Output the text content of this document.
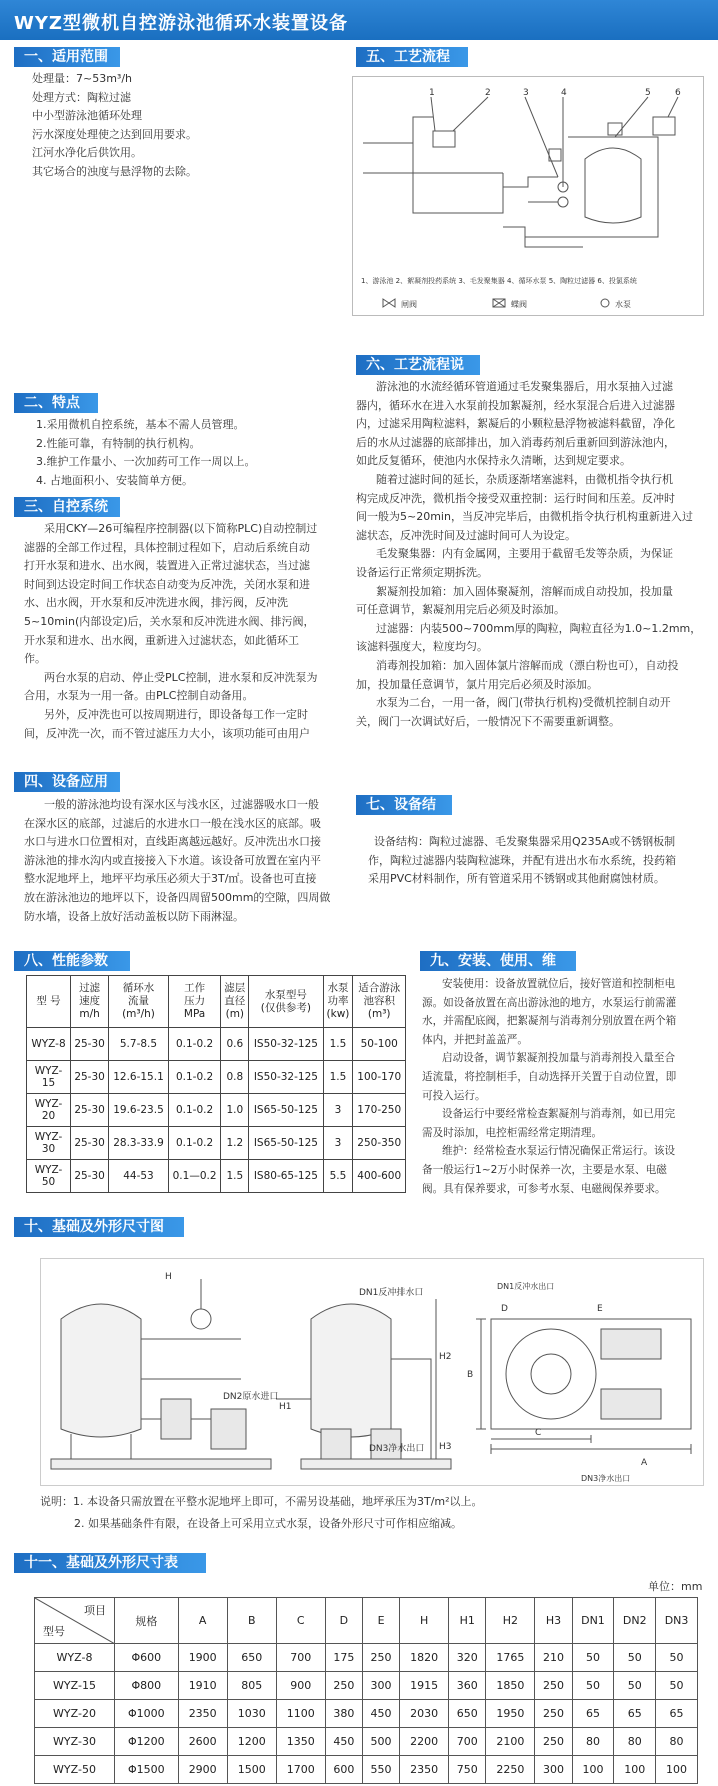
WYZ型微机自控游泳池循环水装置设备
一、适用范围

处理量：7~53m³/h

处理方式：陶粒过滤

中小型游泳池循环处理

污水深度处理使之达到回用要求。

江河水净化后供饮用。

其它场合的浊度与悬浮物的去除。

五、工艺流程
1	2	3	4	5	6
1、游泳池 2、絮凝剂投药系统 3、毛发聚集器 4、循环水泵 5、陶粒过滤器 6、投氯系统
闸阀	蝶阀	水泵
六、工艺流程说明

游泳池的水流经循环管道通过毛发聚集器后，用水泵抽入过滤

器内，循环水在进入水泵前投加絮凝剂，经水泵混合后进入过滤器

内，过滤采用陶粒滤料，絮凝后的小颗粒悬浮物被滤料截留，净化

后的水从过滤器的底部排出，加入消毒药剂后重新回到游泳池内，

如此反复循环，使池内水保持永久清晰，达到规定要求。

随着过滤时间的延长，杂质逐渐堵塞滤料，由微机指令执行机

构完成反冲洗，微机指令接受双重控制：运行时间和压差。反冲时

间一般为5~20min，当反冲完毕后，由微机指令执行机构重新进入过

滤状态，反冲洗时间及过滤时间可人为设定。

毛发聚集器：内有金属网，主要用于截留毛发等杂质，为保证

设备运行正常须定期拆洗。

絮凝剂投加箱：加入固体聚凝剂，溶解而成自动投加，投加量

可任意调节，絮凝剂用完后必须及时添加。

过滤器：内装500~700mm厚的陶粒，陶粒直径为1.0~1.2mm，

该滤料强度大，粒度均匀。

消毒剂投加箱：加入固体氯片溶解而成（漂白粉也可），自动投

加，投加量任意调节，氯片用完后必须及时添加。

水泵为二台，一用一备，阀门(带执行机构)受微机控制自动开

关，阀门一次调试好后，一般情况下不需要重新调整。

二、特点

1.采用微机自控系统，基本不需人员管理。

2.性能可靠，有特制的执行机构。

3.维护工作量小、一次加药可工作一周以上。

4. 占地面积小、安装简单方便。

三、自控系统

采用CKY—26可编程序控制器(以下简称PLC)自动控制过

滤器的全部工作过程，具体控制过程如下，启动后系统自动

打开水泵和进水、出水阀，装置进入正常过滤状态，当过滤

时间到达设定时间工作状态自动变为反冲洗，关闭水泵和进

水、出水阀，开水泵和反冲洗进水阀，排污阀，反冲洗

5~10min(内部设定)后，关水泵和反冲洗进水阀、排污阀，

开水泵和进水、出水阀，重新进入过滤状态，如此循环工

作。

两台水泵的启动、停止受PLC控制，进水泵和反冲洗泵为

合用，水泵为一用一备。由PLC控制自动备用。

另外，反冲洗也可以按周期进行，即设备每工作一定时

间，反冲洗一次，而不管过滤压力大小，该项功能可由用户

四、设备应用

一般的游泳池均设有深水区与浅水区，过滤器吸水口一般

在深水区的底部，过滤后的水进水口一般在浅水区的底部。吸

水口与进水口位置相对，直线距离越远越好。反冲洗出水口接

游泳池的排水沟内或直接接入下水道。该设备可放置在室内平

整水泥地坪上，地坪平均承压必须大于3T/㎡。设备也可直接

放在游泳池边的地坪以下，设备四周留500mm的空隙，四周做

防水墙，设备上放好活动盖板以防下雨淋湿。

七、设备结构

设备结构：陶粒过滤器、毛发聚集器采用Q235A或不锈钢板制

作，陶粒过滤器内装陶粒滤珠，并配有进出水布水系统，投药箱

采用PVC材料制作，所有管道采用不锈钢或其他耐腐蚀材质。

八、性能参数表
型 号	过滤
速度
m/h	循环水
流量
(m³/h)	工作
压力
MPa	滤层
直径
(m)	水泵型号
(仅供参考)	水泵
功率
(kw)	适合游泳
池容积
(m³)
WYZ-8	25-30	5.7-8.5	0.1-0.2	0.6	IS50-32-125	1.5	50-100
WYZ-15	25-30	12.6-15.1	0.1-0.2	0.8	IS50-32-125	1.5	100-170
WYZ-20	25-30	19.6-23.5	0.1-0.2	1.0	IS65-50-125	3	170-250
WYZ-30	25-30	28.3-33.9	0.1-0.2	1.2	IS65-50-125	3	250-350
WYZ-50	25-30	44-53	0.1—0.2	1.5	IS80-65-125	5.5	400-600
九、安装、使用、维护

安装使用：设备放置就位后，接好管道和控制柜电

源。如设备放置在高出游泳池的地方，水泵运行前需灌

水，并需配底阀，把絮凝剂与消毒剂分别放置在两个箱

体内，并把封盖盖严。

启动设备，调节絮凝剂投加量与消毒剂投入量至合

适流量，将控制柜手，自动选择开关置于自动位置，即

可投入运行。

设备运行中要经常检查絮凝剂与消毒剂，如已用完

需及时添加，电控柜需经常定期清理。

维护：经常检查水泵运行情况确保正常运行。该设

备一般运行1~2万小时保养一次，主要是水泵、电磁

阀。具有保养要求，可参考水泵、电磁阀保养要求。

十、基础及外形尺寸图
H
DN1反冲排水口
DN2原水进口
DN3净水出口
H1
H2
H3
A
B
C
D	E
DN1反冲水出口
DN3净水出口
说明：1. 本设备只需放置在平整水泥地坪上即可，不需另设基础，地坪承压为3T/m²以上。
2. 如果基础条件有限，在设备上可采用立式水泵，设备外形尺寸可作相应缩减。
十一、基础及外形尺寸表
单位：mm
项目
型号	规格	A	B	C	D	E	H	H1	H2	H3	DN1	DN2	DN3
WYZ-8	Φ600	1900	650	700	175	250	1820	320	1765	210	50	50	50
WYZ-15	Φ800	1910	805	900	250	300	1915	360	1850	250	50	50	50
WYZ-20	Φ1000	2350	1030	1100	380	450	2030	650	1950	250	65	65	65
WYZ-30	Φ1200	2600	1200	1350	450	500	2200	700	2100	250	80	80	80
WYZ-50	Φ1500	2900	1500	1700	600	550	2350	750	2250	300	100	100	100
